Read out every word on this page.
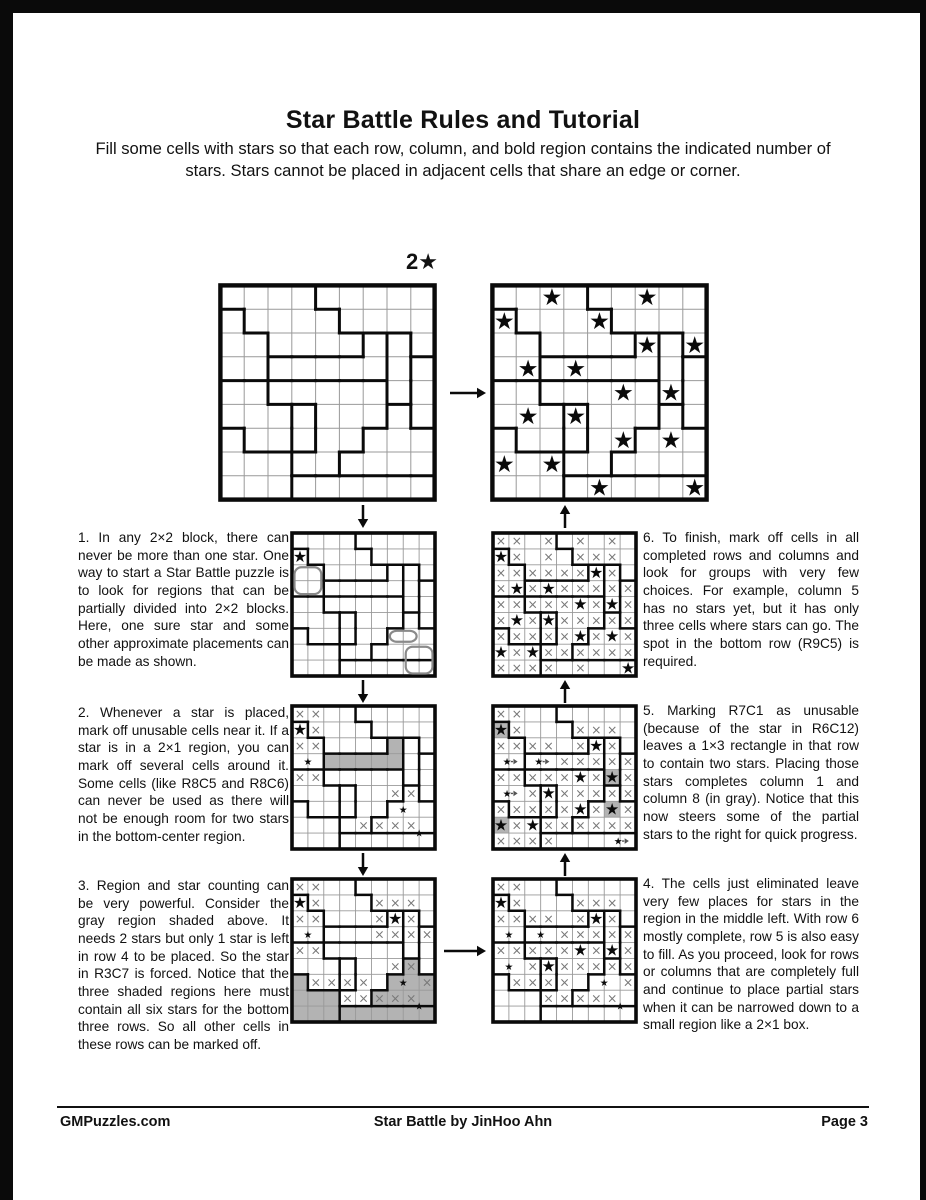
Star Battle Rules and Tutorial
Fill some cells with stars so that each row, column, and bold region contains the indicated number of stars. Stars cannot be placed in adjacent cells that share an edge or corner.
2★
1. In any 2×2 block, there can never be more than one star. One way to start a Star Battle puzzle is to look for regions that can be partially divided into 2×2 blocks. Here, one sure star and some other approximate placements can be made as shown.
2. Whenever a star is placed, mark off unusable cells near it. If a star is in a 2×1 region, you can mark off several cells around it. Some cells (like R8C5 and R8C6) can never be used as there will not be enough room for two stars in the bottom-center region.
3. Region and star counting can be very powerful. Consider the gray region shaded above. It needs 2 stars but only 1 star is left in row 4 to be placed. So the star in R3C7 is forced. Notice that the three shaded regions here must contain all six stars for the bottom three rows. So all other cells in these rows can be marked off.
6. To finish, mark off cells in all completed rows and columns and look for groups with very few choices. For example, column 5 has no stars yet, but it has only three cells where stars can go. The spot in the bottom row (R9C5) is required.
5. Marking R7C1 as unusable (because of the star in R6C12) leaves a 1×3 rectangle in that row to contain two stars. Placing those stars completes column 1 and column 8 (in gray). Notice that this now steers some of the partial stars to the right for quick progress.
4. The cells just eliminated leave very few places for stars in the region in the middle left. With row 6 mostly complete, row 5 is also easy to fill. As you proceed, look for rows or columns that are completely full and continue to place partial stars when it can be narrowed down to a small region like a 2×1 box.
★	★
★	★
★ ★
★ ★
★ ★
★ ★
★ ★
★ ★
★	★
★
× × × × ×
× × × × ×
× × × × × × ×
× × × × × × ×
× × × × × × ×
× × × × × × ×
× × × × × × ×
× × × × × × ×
× × × × ×
★
★
★ ★
★ ★
★ ★
★ ★
★ ★
★
× ×
×
× ×
× ×
× ×
× × × ×
★
★
★
★
× ×
×	× × ×
× × × × × ×
× × × × ×
× × × × × × ×
× × × × × ×
× × × × × × ×
× × × × × × ×
× × × ×
★
★
★ ★
★
★ ★
★ ★
★ ★
★
★
× ×
×	× × ×
× ×	× ×
× × × ×
× ×
× ×
× × × ×	×
× × × × ×
★
★
★
★
★
× ×
×	× × ×
× × × × × ×
× × × × ×
× × × × × × ×
× × × × × ×
× × × ×	×
× × × × ×
★
★
★ ★
★
★ ★
★
★
★
GMPuzzles.com	Star Battle by JinHoo Ahn	Page 3
